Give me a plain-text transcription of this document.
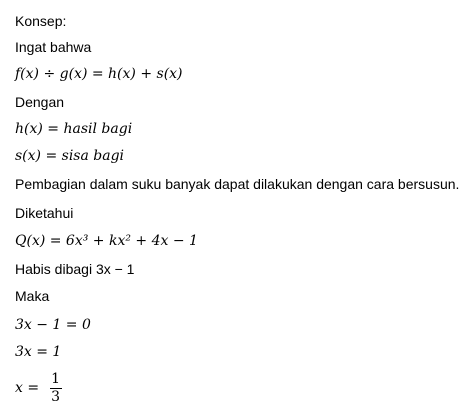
Konsep:
Ingat bahwa
f(x) ÷ g(x) = h(x) + s(x)
Dengan
h(x) = hasil bagi
s(x) = sisa bagi
Pembagian dalam suku banyak dapat dilakukan dengan cara bersusun.
Diketahui
Q(x) = 6x³ + kx² + 4x − 1
Habis dibagi 3x − 1
Maka
3x − 1 = 0
3x = 1
$x = \frac{1}{3}$
